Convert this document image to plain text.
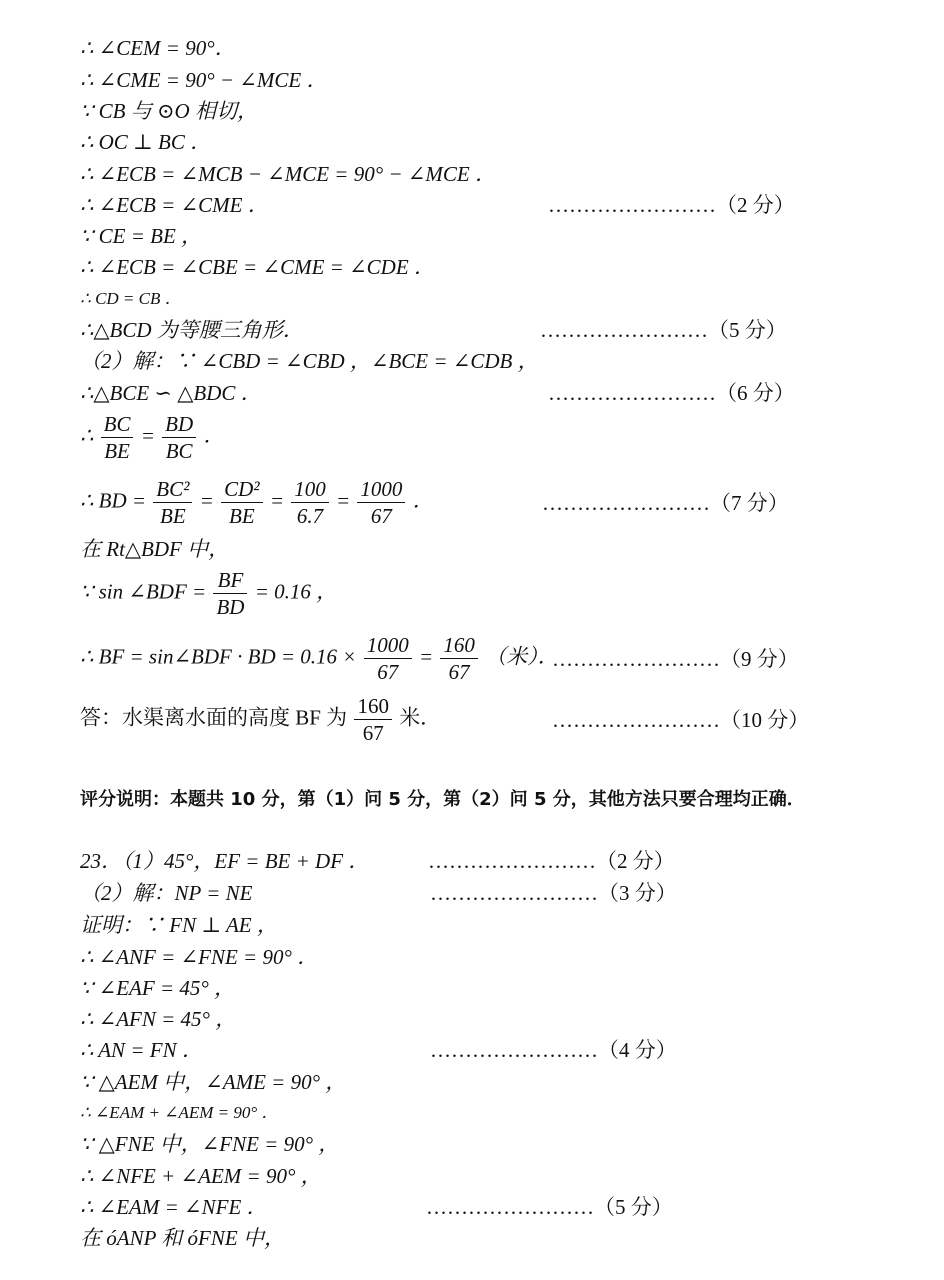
∴ ∠CEM = 90°．
∴ ∠CME = 90° − ∠MCE ．
∵ CB 与 ⊙O 相切，
∴ OC ⊥ BC ．
∴ ∠ECB = ∠MCB − ∠MCE = 90° − ∠MCE ．
∴ ∠ECB = ∠CME ．	……………………（2 分）
∵ CE = BE ，
∴ ∠ECB = ∠CBE = ∠CME = ∠CDE ．
∴ CD = CB ．
∴△BCD 为等腰三角形．	……………………（5 分）
（2）解：∵ ∠CBD = ∠CBD ，∠BCE = ∠CDB ，
∴△BCE ∽ △BDC ．	……………………（6 分）
∴ $\frac{BC}{BE} = \frac{BD}{BC}$ ．
∴ BD = $\frac{\text{BC²}}{BE} = \frac{\text{CD²}}{BE} = \frac{100}{6.7} = \frac{1000}{67}$ ．	……………………（7 分）
在 Rt△BDF 中，
∵ sin ∠BDF = $\frac{BF}{BD} = 0.16$ ，
∴ BF = sin∠BDF · BD = $0.16 \times \frac{1000}{67} = \frac{160}{67}$ （米）．
……………………（9 分）
答：水渠离水面的高度 BF 为 $\frac{160}{67}$ 米．	……………………（10 分）
评分说明：本题共 10 分，第（1）问 5 分，第（2）问 5 分，其他方法只要合理均正确．
23．（1）45°，EF = BE + DF ．	……………………（2 分）
（2）解：NP = NE	……………………（3 分）
证明：∵ FN ⊥ AE ，
∴ ∠ANF = ∠FNE = 90° ．
∵ ∠EAF = 45° ，
∴ ∠AFN = 45° ，
∴ AN = FN ．	……………………（4 分）
∵ △AEM 中，∠AME = 90° ，
∴ ∠EAM + ∠AEM = 90° ．
∵ △FNE 中，∠FNE = 90° ，
∴ ∠NFE + ∠AEM = 90° ，
∴ ∠EAM = ∠NFE ．	……………………（5 分）
在 óANP 和 óFNE 中，
